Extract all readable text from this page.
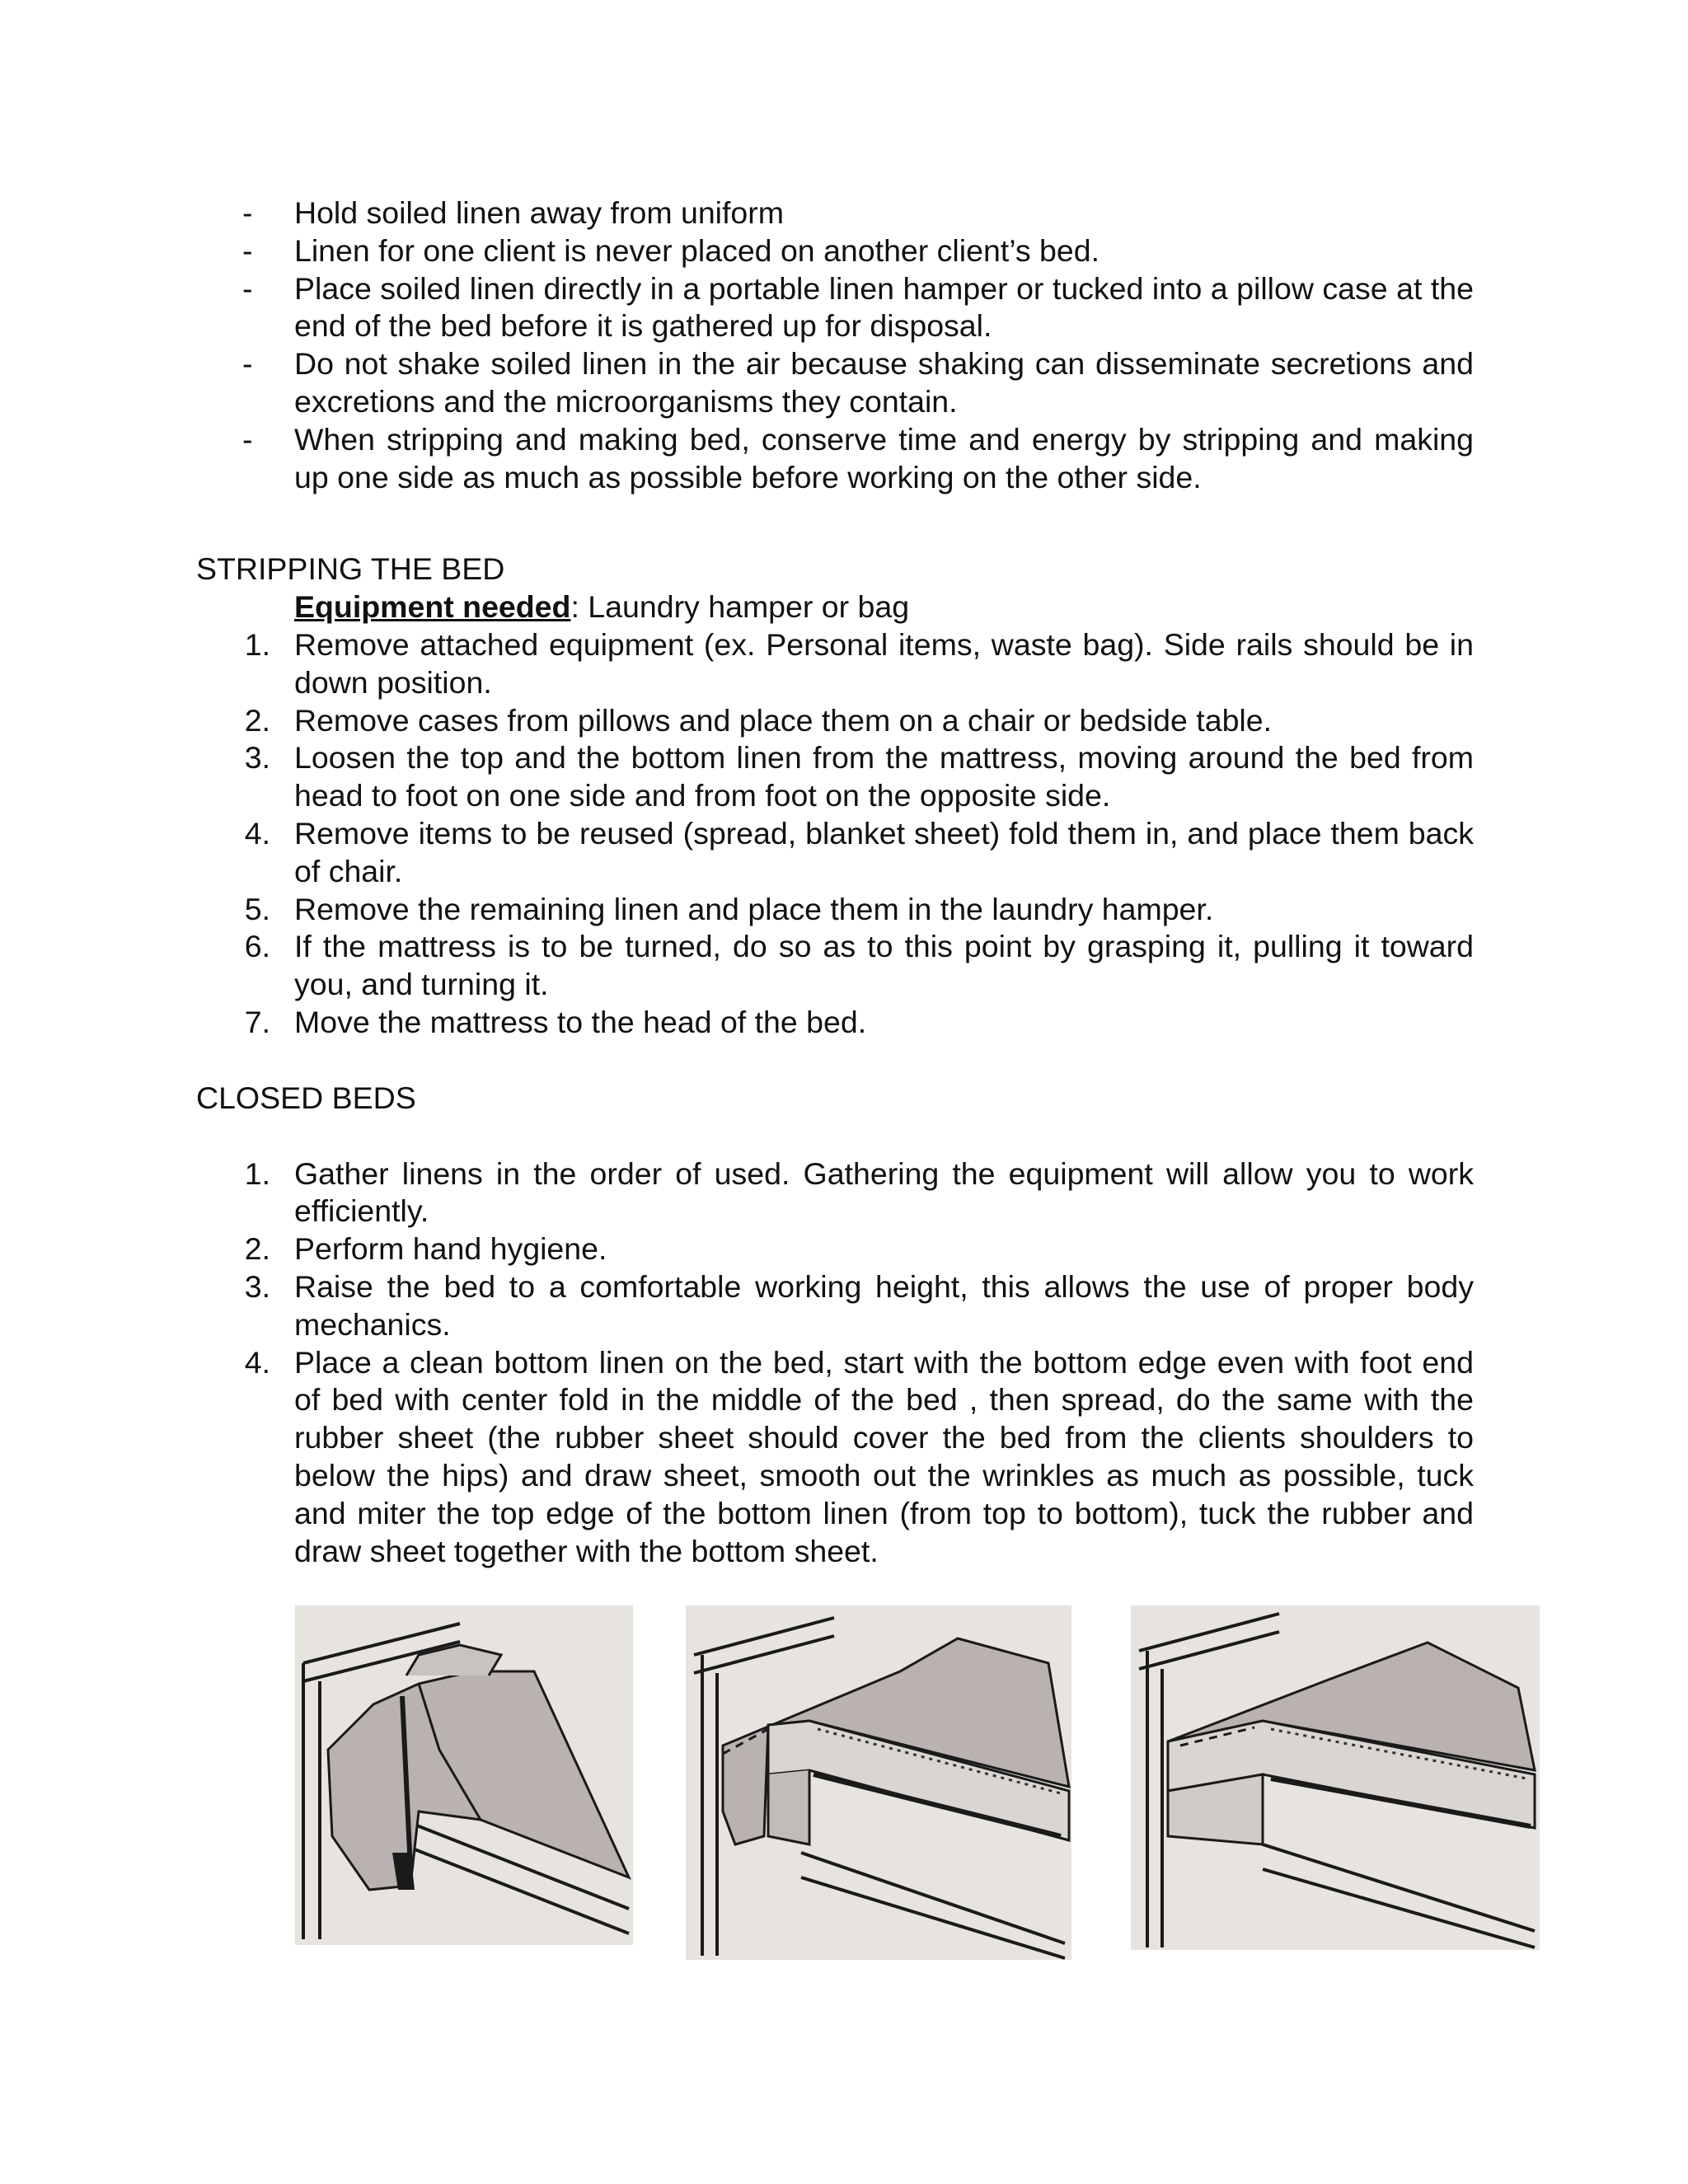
- Hold soiled linen away from uniform
- Linen for one client is never placed on another client’s bed.
- Place soiled linen directly in a portable linen hamper or tucked into a pillow case at the end of the bed before it is gathered up for disposal.
- Do not shake soiled linen in the air because shaking can disseminate secretions and excretions and the microorganisms they contain.
- When stripping and making bed, conserve time and energy by stripping and making up one side as much as possible before working on the other side.
STRIPPING THE BED
Equipment needed: Laundry hamper or bag
1. Remove attached equipment (ex. Personal items, waste bag). Side rails should be in down position.
2. Remove cases from pillows and place them on a chair or bedside table.
3. Loosen the top and the bottom linen from the mattress, moving around the bed from head to foot on one side and from foot on the opposite side.
4. Remove items to be reused (spread, blanket sheet) fold them in, and place them back of chair.
5. Remove the remaining linen and place them in the laundry hamper.
6. If the mattress is to be turned, do so as to this point by grasping it, pulling it toward you, and turning it.
7. Move the mattress to the head of the bed.
CLOSED BEDS
1. Gather linens in the order of used. Gathering the equipment will allow you to work efficiently.
2. Perform hand hygiene.
3. Raise the bed to a comfortable working height, this allows the use of proper body mechanics.
4. Place a clean bottom linen on the bed, start with the bottom edge even with foot end of bed with center fold in the middle of the bed , then spread, do the same with the rubber sheet (the rubber sheet should cover the bed from the clients shoulders to below the hips) and draw sheet, smooth out the wrinkles as much as possible, tuck and miter the top edge of the bottom linen (from top to bottom), tuck the rubber and draw sheet together with the bottom sheet.
